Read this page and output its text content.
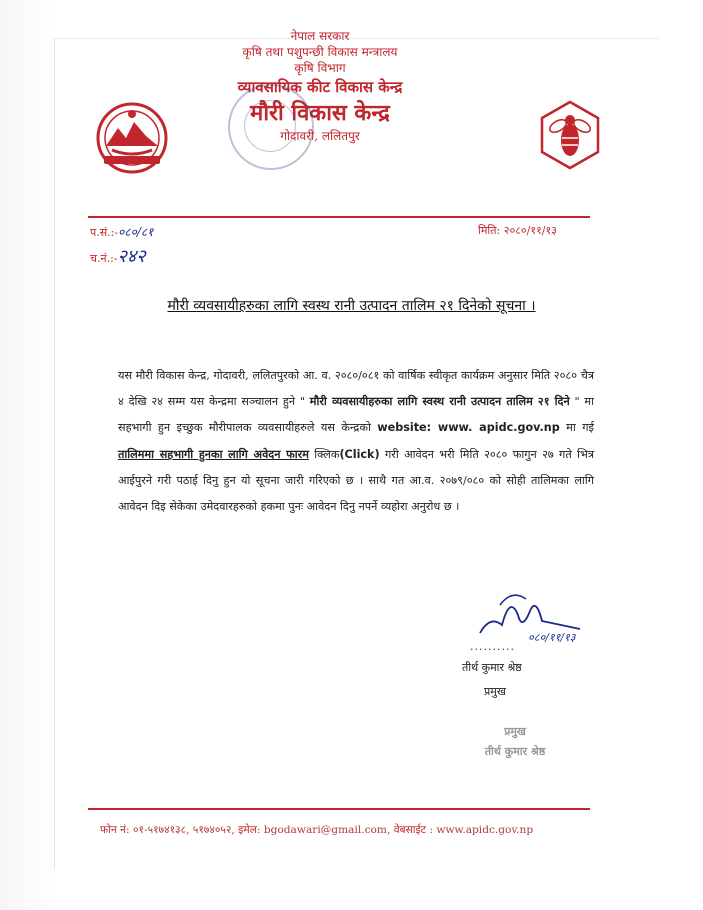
नेपाल सरकार
कृषि तथा पशुपन्छी विकास मन्त्रालय
कृषि विभाग
व्यावसायिक कीट विकास केन्द्र
मौरी विकास केन्द्र
गोदावरी, ललितपुर
प.सं.:-०८०/८१
च.नं.:-२४२
मिति: २०८०/११/१३
मौरी व्यवसायीहरुका लागि स्वस्थ रानी उत्पादन तालिम २१ दिनेको सूचना ।
यस मौरी विकास केन्द्र, गोदावरी, ललितपुरको आ. व. २०८०/०८१ को वार्षिक स्वीकृत कार्यक्रम अनुसार मिति २०८० चैत्र ४ देखि २४ सम्म यस केन्द्रमा सञ्चालन हुने " मौरी व्यवसायीहरुका लागि स्वस्थ रानी उत्पादन तालिम २१ दिने " मा सहभागी हुन इच्छुक मौरीपालक व्यवसायीहरुले यस केन्द्रको website: www. apidc.gov.np मा गई तालिममा सहभागी हुनका लागि अवेदन फारम क्लिक(Click) गरी आवेदन भरी मिति २०८० फागुन २७ गते भित्र आईपुरने गरी पठाई दिनु हुन यो सूचना जारी गरिएको छ । साथै गत आ.व. २०७९/०८० को सोही तालिमका लागि आवेदन दिइ सेकेका उमेदवारहरुको हकमा पुनः आवेदन दिनु नपर्ने व्यहोरा अनुरोध छ ।
०८०/११/१३
..........
तीर्थ कुमार श्रेष्ठ
प्रमुख
प्रमुख
तीर्थ कुमार श्रेष्ठ
फोन नं: ०१-५१७४१३८, ५१७४०५२, इमेल: bgodawari@gmail.com, वेबसाईट : www.apidc.gov.np
